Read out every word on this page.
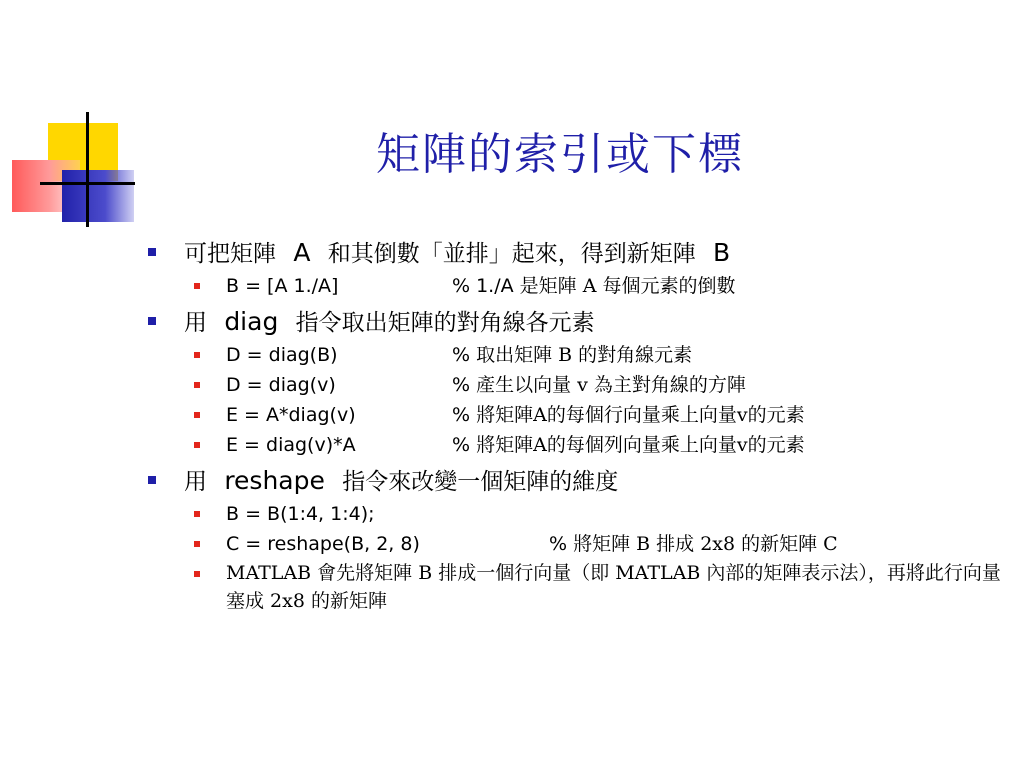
矩陣的索引或下標
可把矩陣 A 和其倒數「並排」起來，得到新矩陣 B
B = [A 1./A]	% 1./A 是矩陣 A 每個元素的倒數
用 diag 指令取出矩陣的對角線各元素
D = diag(B)	% 取出矩陣 B 的對角線元素
D = diag(v)	% 產生以向量 v 為主對角線的方陣
E = A*diag(v)	% 將矩陣A的每個行向量乘上向量v的元素
E = diag(v)*A	% 將矩陣A的每個列向量乘上向量v的元素
用 reshape 指令來改變一個矩陣的維度
B = B(1:4, 1:4);
C = reshape(B, 2, 8)	% 將矩陣 B 排成 2x8 的新矩陣 C
MATLAB 會先將矩陣 B 排成一個行向量（即 MATLAB 內部的矩陣表示法），再將此行向量塞成 2x8 的新矩陣
